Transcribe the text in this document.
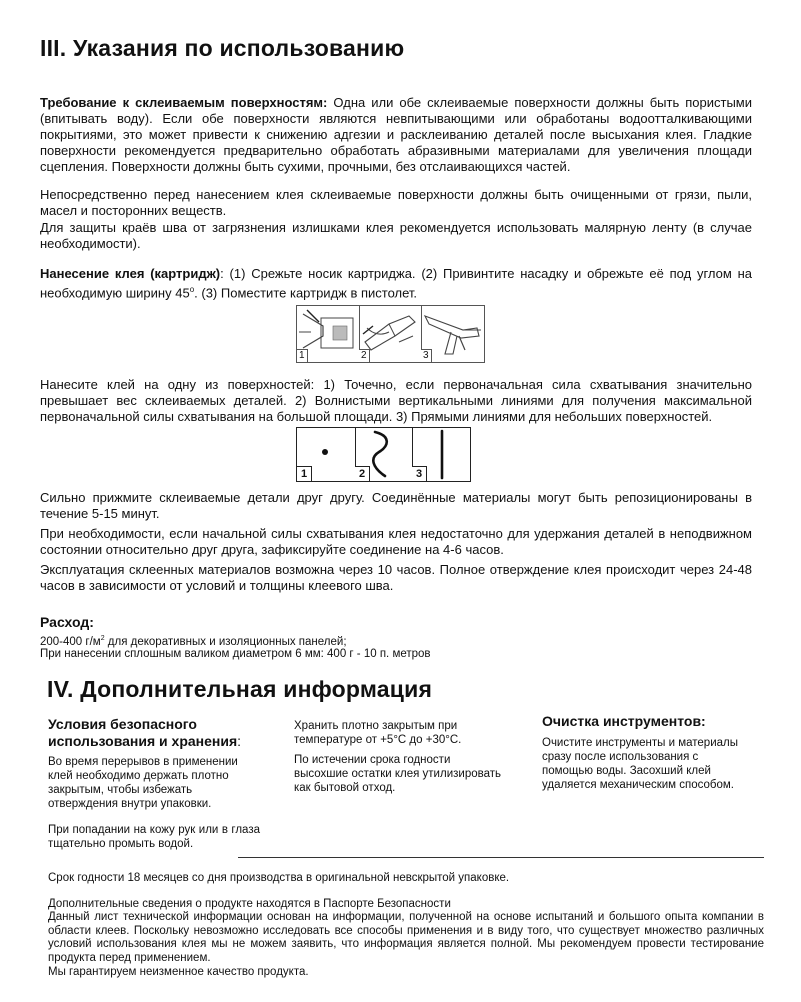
III. Указания по использованию

Требование к склеиваемым поверхностям: Одна или обе склеиваемые поверхности должны быть пористыми (впитывать воду). Если обе поверхности являются невпитывающими или обработаны водоотталкивающими покрытиями, это может привести к снижению адгезии и расклеиванию деталей после высыхания клея. Гладкие поверхности рекомендуется предварительно обработать абразивными материалами для увеличения площади сцепления. Поверхности должны быть сухими, прочными, без отслаивающихся частей.

Непосредственно перед нанесением клея склеиваемые поверхности должны быть очищенными от грязи, пыли, масел и посторонних веществ.

Для защиты краёв шва от загрязнения излишками клея рекомендуется использовать малярную ленту (в случае необходимости).

Нанесение клея (картридж): (1) Срежьте носик картриджа. (2) Привинтите насадку и обрежьте её под углом на необходимую ширину 45$^o$. (3) Поместите картридж в пистолет.

1	2	3

Нанесите клей на одну из поверхностей: 1) Точечно, если первоначальная сила схватывания значительно превышает вес склеиваемых деталей. 2) Волнистыми вертикальными линиями для получения максимальной первоначальной силы схватывания на большой площади. 3) Прямыми линиями для небольших поверхностей.

1	2	3

Сильно прижмите склеиваемые детали друг другу. Соединённые материалы могут быть репозиционированы в течение 5-15 минут.

При необходимости, если начальной силы схватывания клея недостаточно для удержания деталей в неподвижном состоянии относительно друг друга, зафиксируйте соединение на 4-6 часов.

Эксплуатация склеенных материалов возможна через 10 часов. Полное отверждение клея происходит через 24-48 часов в зависимости от условий и толщины клеевого шва.

Расход:
200-400 $г/м^2$ для декоративных и изоляционных панелей;
При нанесении сплошным валиком диаметром 6 мм: 400 г - 10 п. метров
IV. Дополнительная информация
Условия безопасного использования и хранения:

Во время перерывов в применении клей необходимо держать плотно закрытым, чтобы избежать отверждения внутри упаковки.

При попадании на кожу рук или в глаза тщательно промыть водой.

Хранить плотно закрытым при температуре от +5°C до +30°C.

По истечении срока годности высохшие остатки клея утилизировать как бытовой отход.

Очистка инструментов:

Очистите инструменты и материалы сразу после использования с помощью воды. Засохший клей удаляется механическим способом.

Срок годности 18 месяцев со дня производства в оригинальной невскрытой упаковке.

Дополнительные сведения о продукте находятся в Паспорте Безопасности

Данный лист технической информации основан на информации, полученной на основе испытаний и большого опыта компании в области клеев. Поскольку невозможно исследовать все способы применения и в виду того, что существует множество различных условий использования клея мы не можем заявить, что информация является полной. Мы рекомендуем провести тестирование продукта перед применением.

Мы гарантируем неизменное качество продукта.
